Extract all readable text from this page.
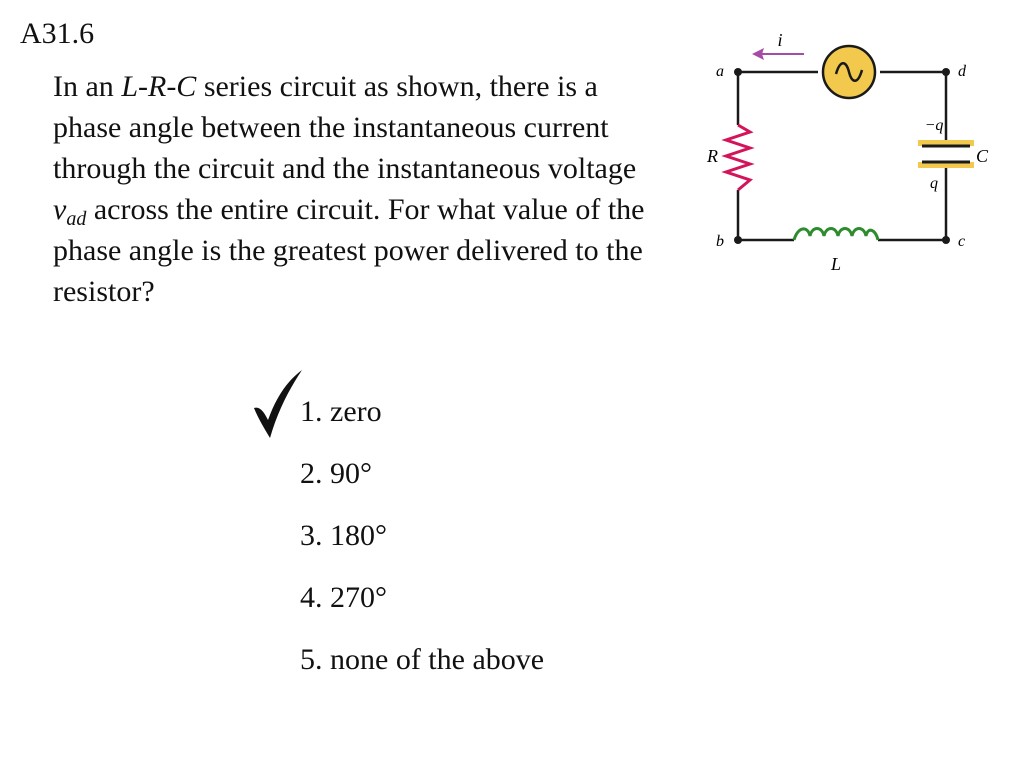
A31.6
In an L-R-C series circuit as shown, there is a phase angle between the instantaneous current through the circuit and the instantaneous voltage $v_{ad}$ across the entire circuit. For what value of the phase angle is the greatest power delivered to the resistor?
1. zero
2. 90°
3. 180°
4. 270°
5. none of the above
i
R
L
C
−q
q
a
b	c
d
